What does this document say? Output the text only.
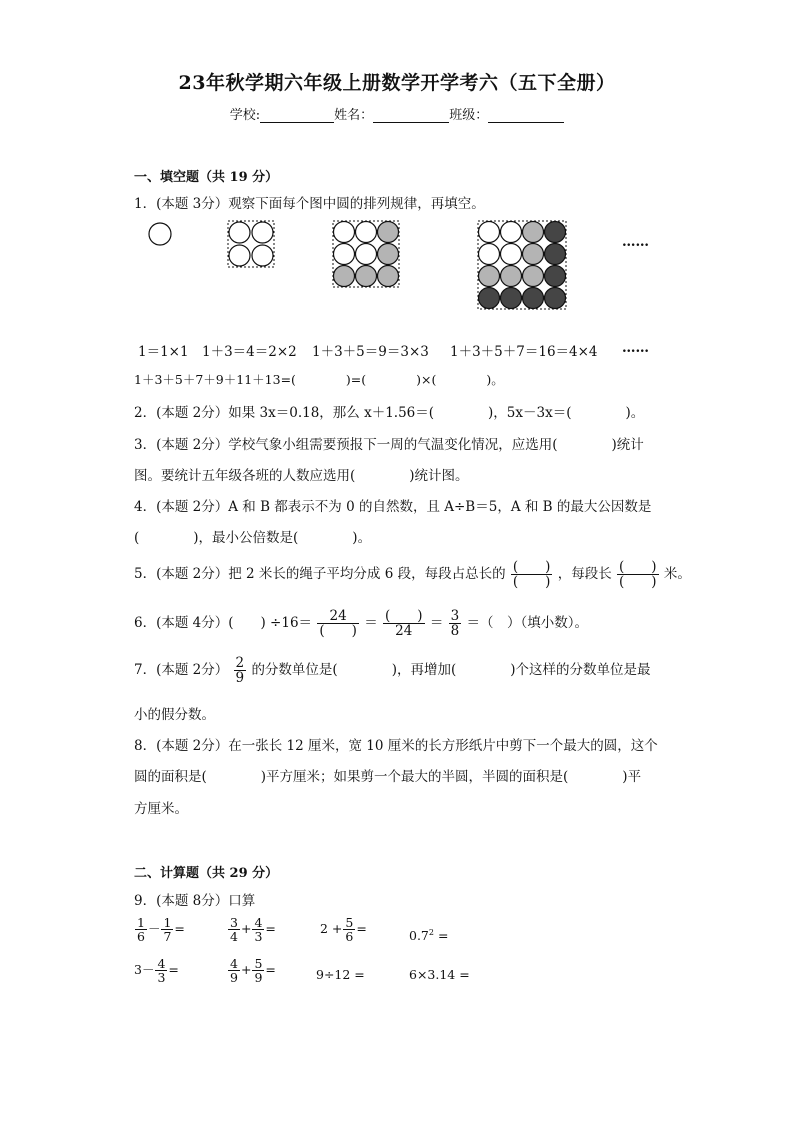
23年秋学期六年级上册数学开学考六（五下全册）
学校:	姓名：	班级：
一、填空题（共 19 分）
1．(本题 3分）观察下面每个图中圆的排列规律，再填空。
……
1＝1×1 1＋3＝4＝2×2 1＋3＋5＝9＝3×3 1＋3＋5＋7＝16＝4×4 ……
1＋3＋5＋7＋9＋11＋13=(　　　　)=(　　　　)×(　　　　)。
2．(本题 2分）如果 3x＝0.18，那么 x＋1.56＝(　　　　)，5x－3x＝(　　　　)。
3．(本题 2分）学校气象小组需要预报下一周的气温变化情况，应选用(　　　　)统计
图。要统计五年级各班的人数应选用(　　　　)统计图。
4．(本题 2分）A 和 B 都表示不为 0 的自然数，且 A÷B＝5，A 和 B 的最大公因数是
(　　　　)，最小公倍数是(　　　　)。
5．(本题 2分）把 2 米长的绳子平均分成 6 段，每段占总长的 $\frac{( )}{( )}$ ，每段长 $\frac{( )}{( )}$ 米。
6．(本题 4分）(　　) $\div 16= \frac{24}{( )} = \frac{( )}{24} = \frac{3}{8}$ ＝（　）（填小数）。
7．(本题 2分） $\frac{2}{9}$ 的分数单位是(　　　　)，再增加(　　　　)个这样的分数单位是最
小的假分数。
8．(本题 2分）在一张长 12 厘米，宽 10 厘米的长方形纸片中剪下一个最大的圆，这个
圆的面积是(　　　　)平方厘米；如果剪一个最大的半圆，半圆的面积是(　　　　)平
方厘米。
二、计算题（共 29 分）
9．(本题 8分）口算
$\frac{1}{6} - \frac{1}{7}$ =	$\frac{3}{4} + \frac{4}{3}$ =	$2 + \frac{5}{6}$ =	$0.7^2$ =
$3- \frac{4}{3}$ =	$\frac{4}{9} + \frac{5}{9}$ =	9÷12 =	6×3.14 =
